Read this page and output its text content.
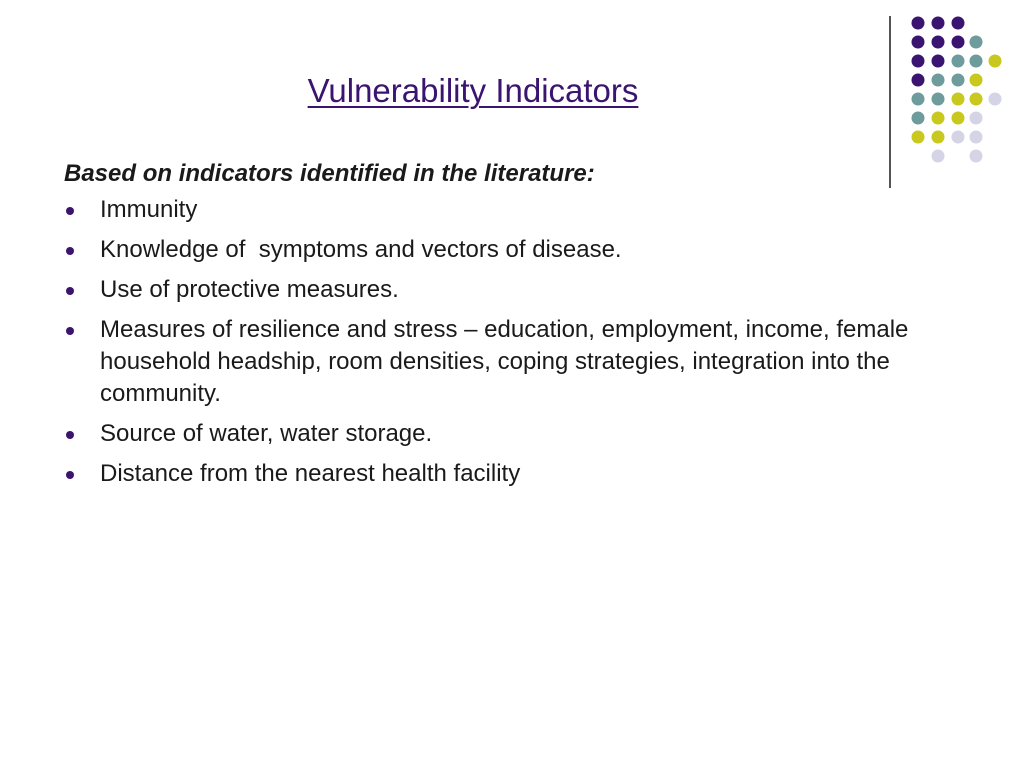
Vulnerability Indicators

Based on indicators identified in the literature:

Immunity
Knowledge of  symptoms and vectors of disease.
Use of protective measures.
Measures of resilience and stress – education, employment, income, female household headship, room densities, coping strategies, integration into the community.
Source of water, water storage.
Distance from the nearest health facility
